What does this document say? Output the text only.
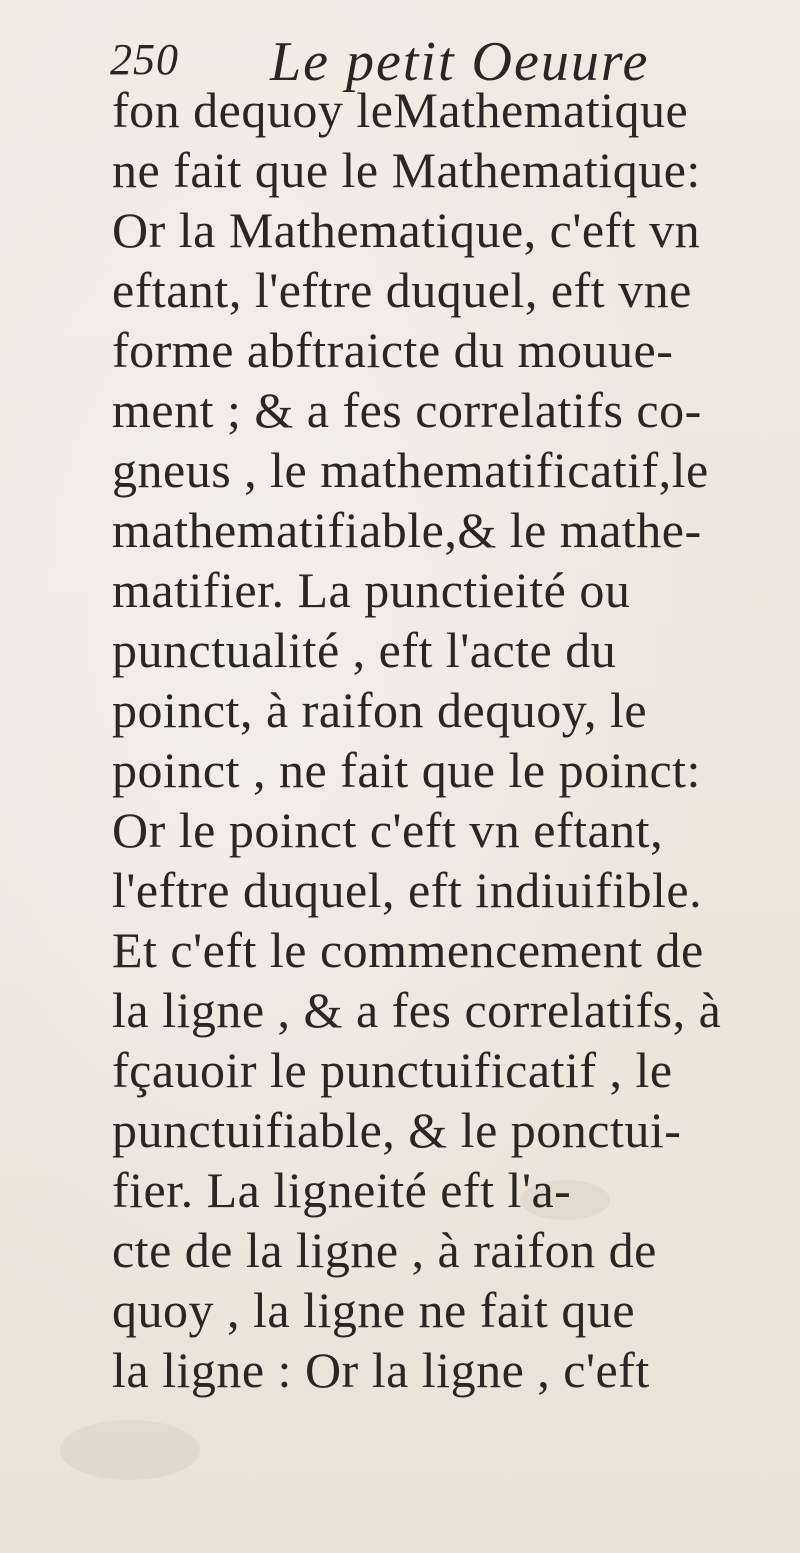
250 Le petit Oeuure
fon dequoy leMathematique
ne fait que le Mathematique:
Or la Mathematique, c'eft vn
eftant, l'eftre duquel, eft vne
forme abftraicte du mouue-
ment ; & a fes correlatifs co-
gneus , le mathematificatif,le
mathematifiable,& le mathe-
matifier. La punctieité ou
punctualité , eft l'acte du
poinct, à raifon dequoy, le
poinct , ne fait que le poinct:
Or le poinct c'eft vn eftant,
l'eftre duquel, eft indiuifible.
Et c'eft le commencement de
la ligne , & a fes correlatifs, à
fçauoir le punctuificatif , le
punctuifiable, & le ponctui-
fier. La ligneité eft l'a-
cte de la ligne , à raifon de
quoy , la ligne ne fait que
la ligne : Or la ligne , c'eft
